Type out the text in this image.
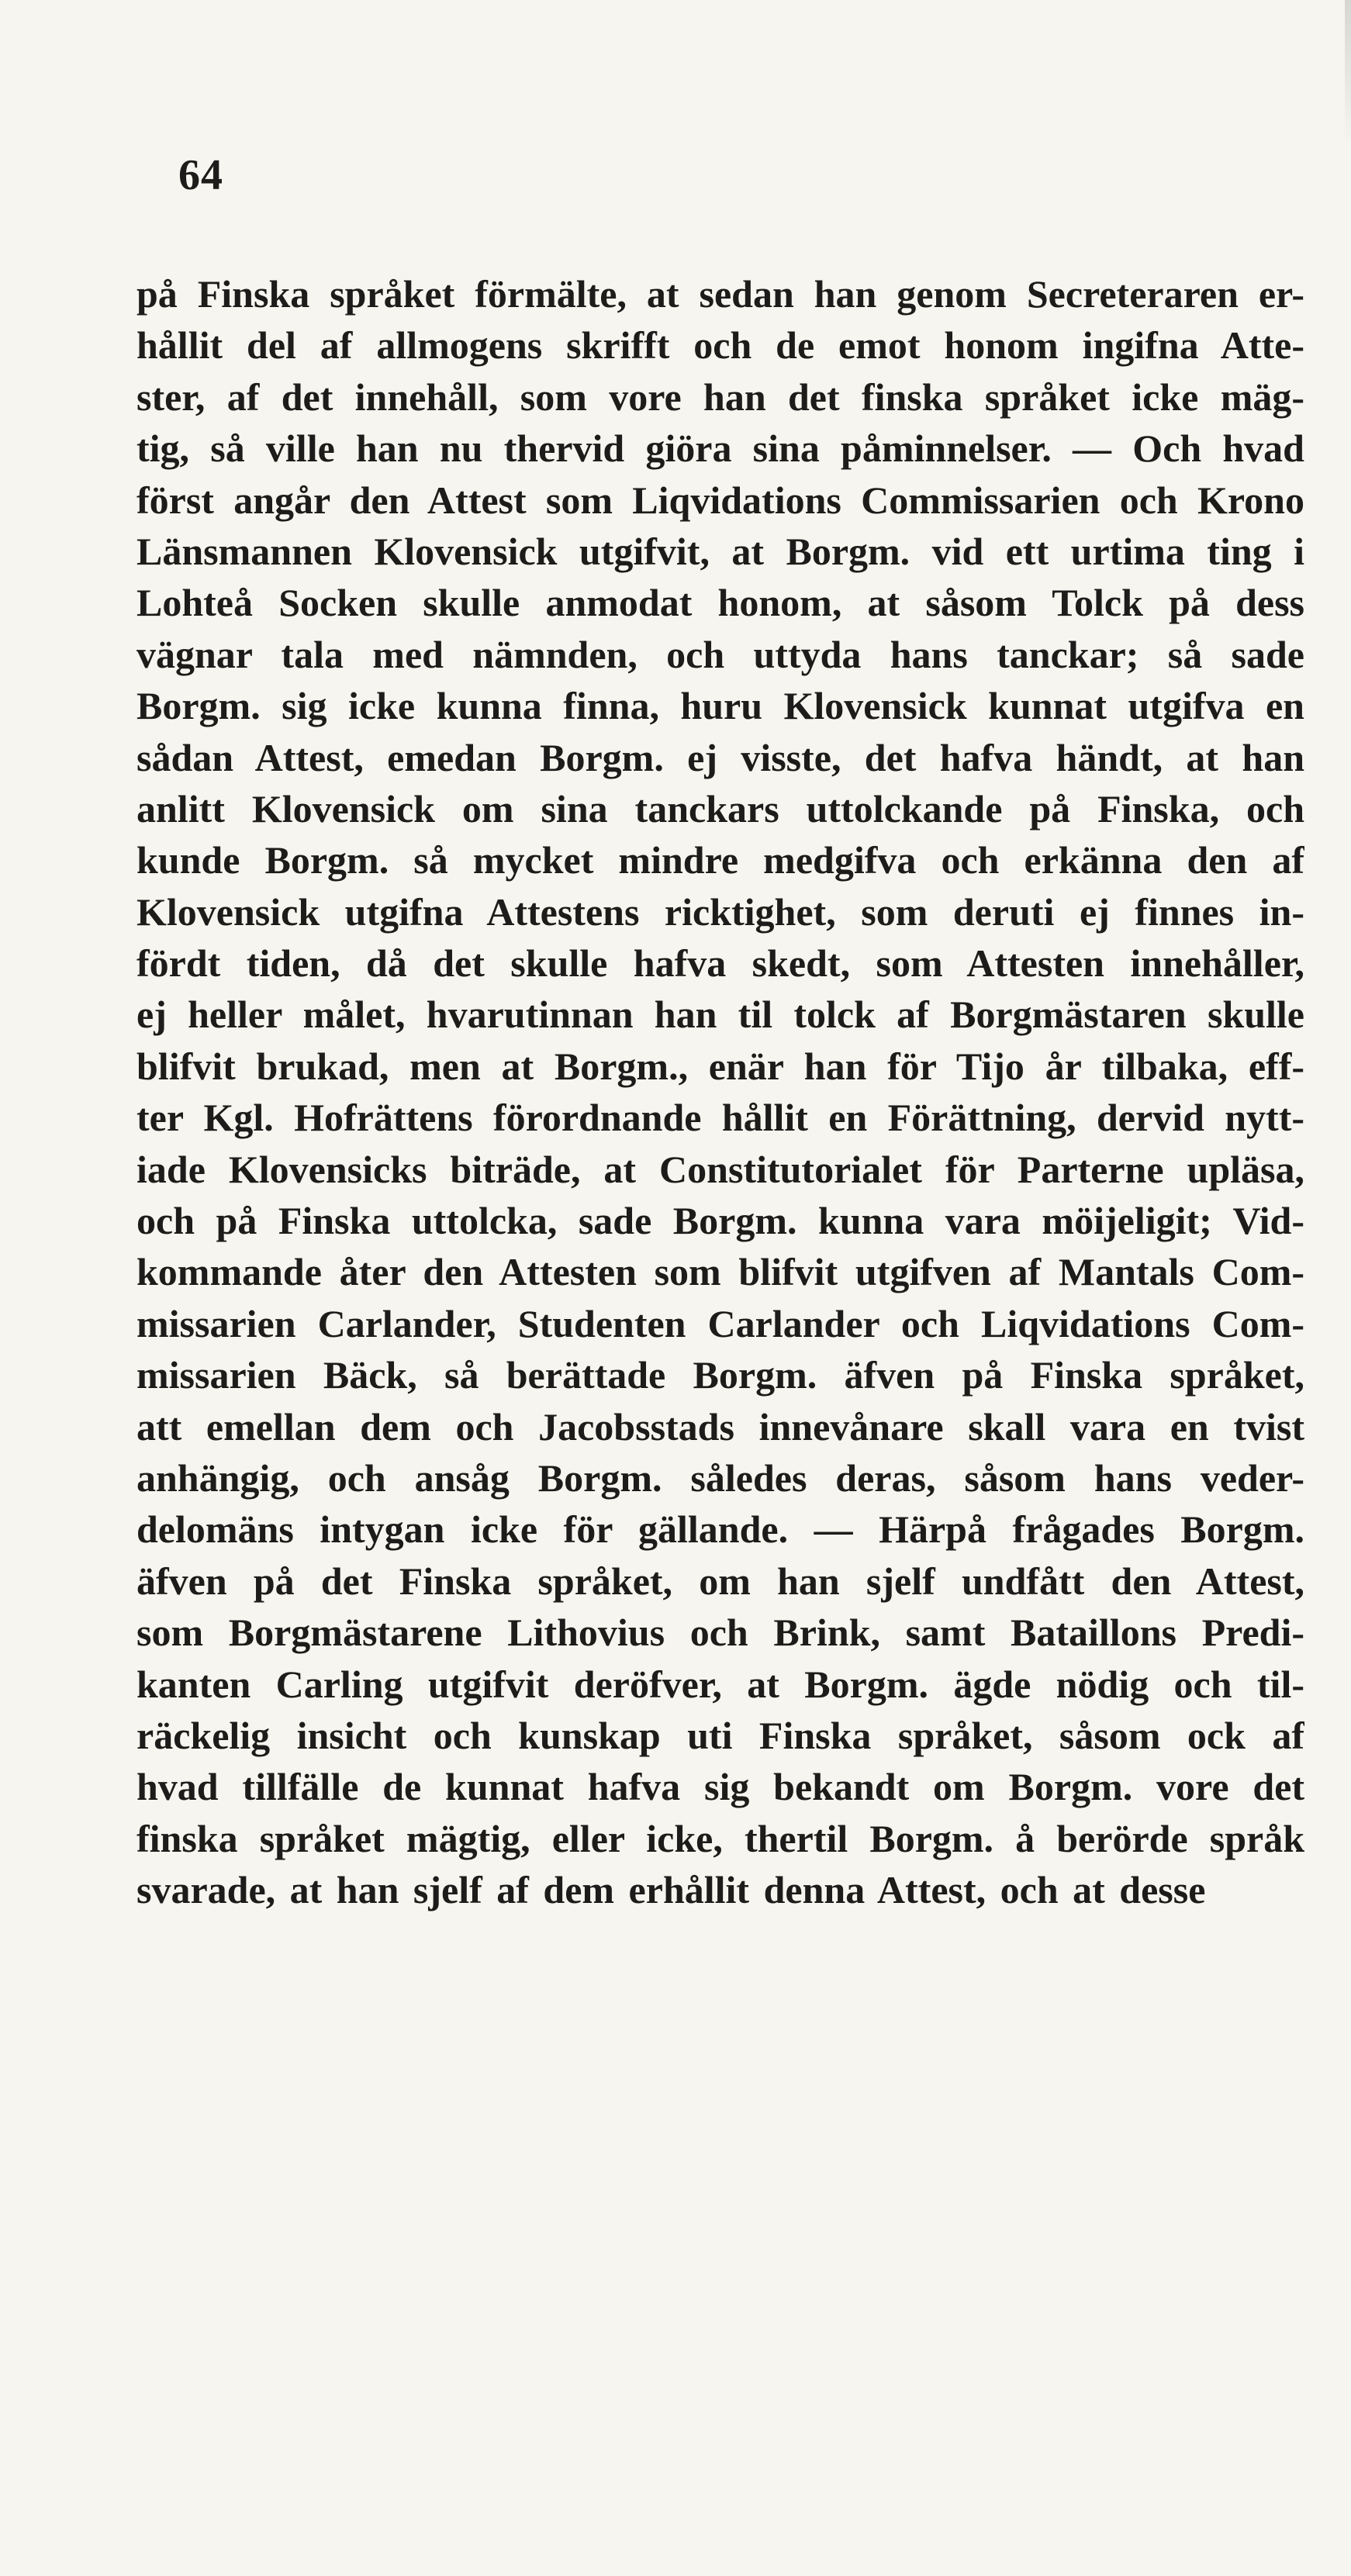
64
på Finska språket förmälte, at sedan han genom Secreteraren er-
hållit del af allmogens skrifft och de emot honom ingifna Atte-
ster, af det innehåll, som vore han det finska språket icke mäg-
tig, så ville han nu thervid giöra sina påminnelser. — Och hvad
först angår den Attest som Liqvidations Commissarien och Krono
Länsmannen Klovensick utgifvit, at Borgm. vid ett urtima ting i
Lohteå Socken skulle anmodat honom, at såsom Tolck på dess
vägnar tala med nämnden, och uttyda hans tanckar; så sade
Borgm. sig icke kunna finna, huru Klovensick kunnat utgifva en
sådan Attest, emedan Borgm. ej visste, det hafva händt, at han
anlitt Klovensick om sina tanckars uttolckande på Finska, och
kunde Borgm. så mycket mindre medgifva och erkänna den af
Klovensick utgifna Attestens ricktighet, som deruti ej finnes in-
fördt tiden, då det skulle hafva skedt, som Attesten innehåller,
ej heller målet, hvarutinnan han til tolck af Borgmästaren skulle
blifvit brukad, men at Borgm., enär han för Tijo år tilbaka, eff-
ter Kgl. Hofrättens förordnande hållit en Förättning, dervid nytt-
iade Klovensicks biträde, at Constitutorialet för Parterne upläsa,
och på Finska uttolcka, sade Borgm. kunna vara möijeligit; Vid-
kommande åter den Attesten som blifvit utgifven af Mantals Com-
missarien Carlander, Studenten Carlander och Liqvidations Com-
missarien Bäck, så berättade Borgm. äfven på Finska språket,
att emellan dem och Jacobsstads innevånare skall vara en tvist
anhängig, och ansåg Borgm. således deras, såsom hans veder-
delomäns intygan icke för gällande. — Härpå frågades Borgm.
äfven på det Finska språket, om han sjelf undfått den Attest,
som Borgmästarene Lithovius och Brink, samt Bataillons Predi-
kanten Carling utgifvit deröfver, at Borgm. ägde nödig och til-
räckelig insicht och kunskap uti Finska språket, såsom ock af
hvad tillfälle de kunnat hafva sig bekandt om Borgm. vore det
finska språket mägtig, eller icke, thertil Borgm. å berörde språk
svarade, at han sjelf af dem erhållit denna Attest, och at desse
